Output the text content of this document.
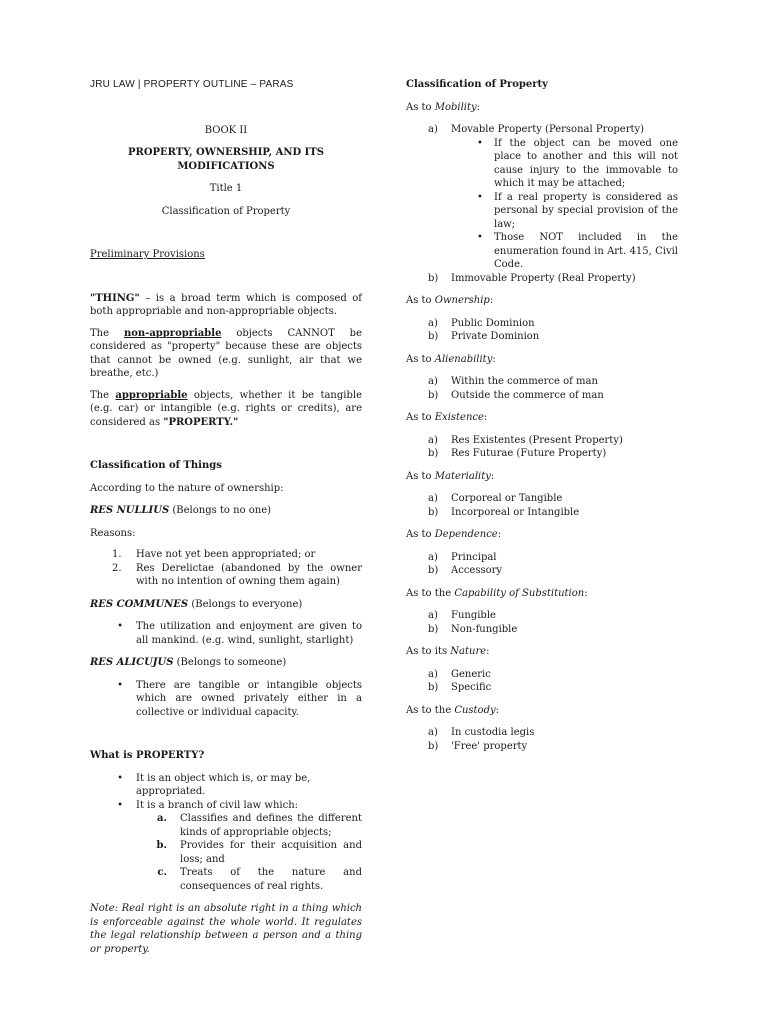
JRU LAW | PROPERTY OUTLINE – PARAS

BOOK II

PROPERTY, OWNERSHIP, AND ITS MODIFICATIONS

Title 1

Classification of Property

Preliminary Provisions

"THING" – is a broad term which is composed of both appropriable and non-appropriable objects.

The non-appropriable objects CANNOT be considered as "property" because these are objects that cannot be owned (e.g. sunlight, air that we breathe, etc.)

The appropriable objects, whether it be tangible (e.g. car) or intangible (e.g. rights or credits), are considered as "PROPERTY."

Classification of Things

According to the nature of ownership:

RES NULLIUS (Belongs to no one)

Reasons:

1.	Have not yet been appropriated; or
2.	Res Derelictae (abandoned by the owner with no intention of owning them again)

RES COMMUNES (Belongs to everyone)

•	The utilization and enjoyment are given to all mankind. (e.g. wind, sunlight, starlight)

RES ALICUJUS (Belongs to someone)

•	There are tangible or intangible objects which are owned privately either in a collective or individual capacity.

What is PROPERTY?

•	It is an object which is, or may be, appropriated.
•	It is a branch of civil law which:
a.	Classifies and defines the different kinds of appropriable objects;
b.	Provides for their acquisition and loss; and
c.	Treats of the nature and consequences of real rights.

Note: Real right is an absolute right in a thing which is enforceable against the whole world. It regulates the legal relationship between a person and a thing or property.

Classification of Property

As to Mobility:

a)	Movable Property (Personal Property)
•	If the object can be moved one place to another and this will not cause injury to the immovable to which it may be attached;
•	If a real property is considered as personal by special provision of the law;
•	Those NOT included in the enumeration found in Art. 415, Civil Code.
b)	Immovable Property (Real Property)

As to Ownership:

a)	Public Dominion
b)	Private Dominion

As to Alienability:

a)	Within the commerce of man
b)	Outside the commerce of man

As to Existence:

a)	Res Existentes (Present Property)
b)	Res Futurae (Future Property)

As to Materiality:

a)	Corporeal or Tangible
b)	Incorporeal or Intangible

As to Dependence:

a)	Principal
b)	Accessory

As to the Capability of Substitution:

a)	Fungible
b)	Non-fungible

As to its Nature:

a)	Generic
b)	Specific

As to the Custody:

a)	In custodia legis
b)	'Free' property
